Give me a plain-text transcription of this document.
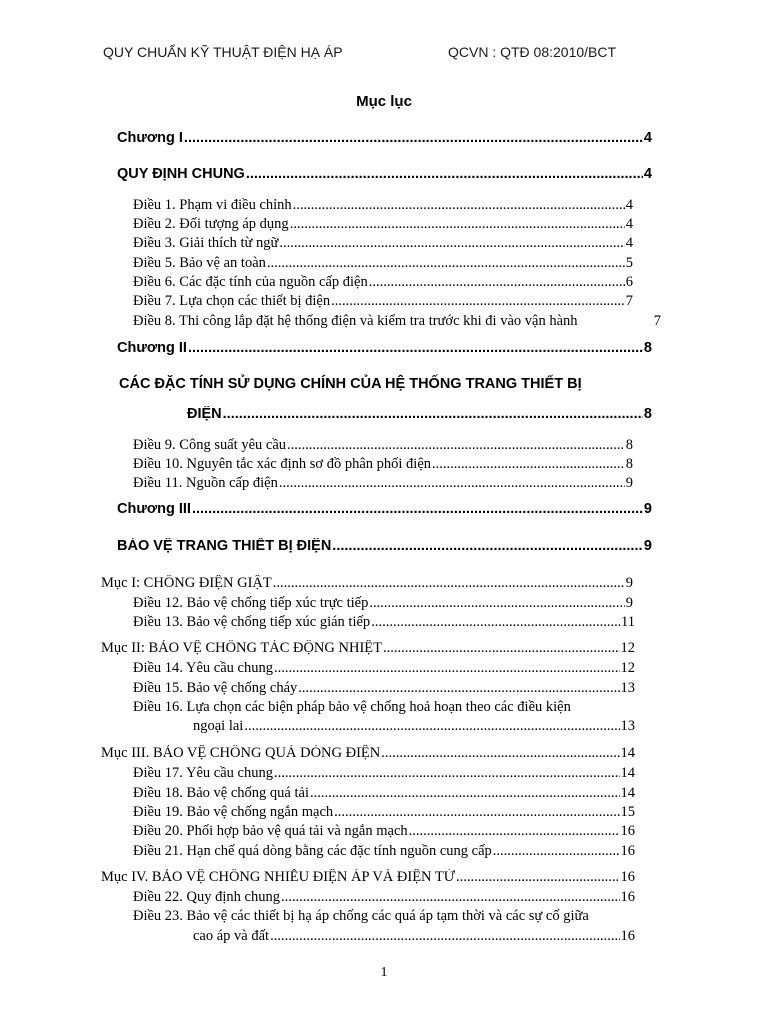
QUY CHUẨN KỸ THUẬT ĐIỆN HẠ ÁP	QCVN : QTĐ 08:2010/BCT
Mục lục
Chương I .....	4
QUY ĐỊNH CHUNG .....	4
Điều 1. Phạm vi điều chỉnh .....	4
Điều 2. Đối tượng áp dụng .....	4
Điều 3. Giải thích từ ngữ .....	4
Điều 5. Bảo vệ an toàn .....	5
Điều 6. Các đặc tính của nguồn cấp điện .....	6
Điều 7. Lựa chọn các thiết bị điện .....	7
Điều 8. Thi công lắp đặt hệ thống điện và kiểm tra trước khi đi vào vận hành	7
Chương II .....	8
CÁC ĐẶC TÍNH SỬ DỤNG CHÍNH CỦA HỆ THỐNG TRANG THIẾT BỊ
ĐIỆN .....	8
Điều 9. Công suất yêu cầu .....	8
Điều 10. Nguyên tắc xác định sơ đồ phân phối điện .....	8
Điều 11. Nguồn cấp điện .....	9
Chương III .....	9
BẢO VỆ TRANG THIẾT BỊ ĐIỆN .....	9
Mục I: CHỐNG ĐIỆN GIẬT .....	9
Điều 12. Bảo vệ chống tiếp xúc trực tiếp .....	9
Điều 13. Bảo vệ chống tiếp xúc gián tiếp .....	11
Mục II: BẢO VỆ CHỐNG TÁC ĐỘNG NHIỆT .....	12
Điều 14. Yêu cầu chung .....	12
Điều 15. Bảo vệ chống cháy .....	13
Điều 16. Lựa chọn các biện pháp bảo vệ chống hoả hoạn theo các điều kiện
ngoại lai .....	13
Mục III. BẢO VỆ CHỐNG QUÁ DÒNG ĐIỆN .....	14
Điều 17. Yêu cầu chung .....	14
Điều 18. Bảo vệ chống quá tải .....	14
Điều 19. Bảo vệ chống ngắn mạch .....	15
Điều 20. Phối hợp bảo vệ quá tải và ngắn mạch .....	16
Điều 21. Hạn chế quá dòng bằng các đặc tính nguồn cung cấp .....	16
Mục IV. BẢO VỆ CHỐNG NHIỄU ĐIỆN ÁP VÀ ĐIỆN TỪ .....	16
Điều 22. Quy định chung .....	16
Điều 23. Bảo vệ các thiết bị hạ áp chống các quá áp tạm thời và các sự cố giữa
cao áp và đất .....	16
1
